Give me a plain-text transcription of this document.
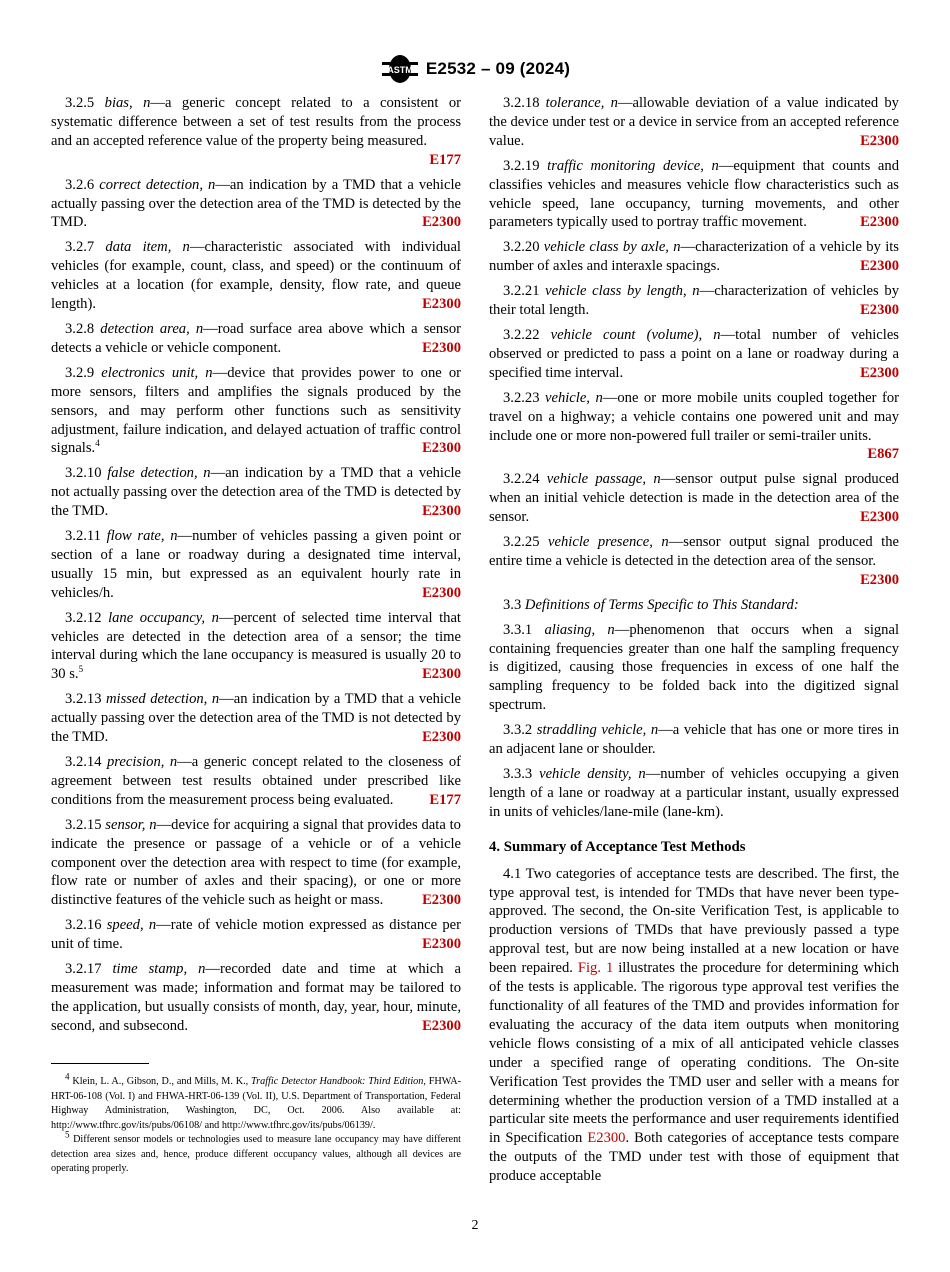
ASTM E2532 – 09 (2024)

3.2.5 bias, n—a generic concept related to a consistent or systematic difference between a set of test results from the process and an accepted reference value of the property being measured.
E177

3.2.6 correct detection, n—an indication by a TMD that a vehicle actually passing over the detection area of the TMD is detected by the TMD.	E2300

3.2.7 data item, n—characteristic associated with individual vehicles (for example, count, class, and speed) or the continuum of vehicles at a location (for example, density, flow rate, and queue length).	E2300

3.2.8 detection area, n—road surface area above which a sensor detects a vehicle or vehicle component.	E2300

3.2.9 electronics unit, n—device that provides power to one or more sensors, filters and amplifies the signals produced by the sensors, and may perform other functions such as sensitivity adjustment, failure indication, and delayed actuation of traffic control signals.$^4$	E2300

3.2.10 false detection, n—an indication by a TMD that a vehicle not actually passing over the detection area of the TMD is detected by the TMD.	E2300

3.2.11 flow rate, n—number of vehicles passing a given point or section of a lane or roadway during a designated time interval, usually 15 min, but expressed as an equivalent hourly rate in vehicles/h.	E2300

3.2.12 lane occupancy, n—percent of selected time interval that vehicles are detected in the detection area of a sensor; the time interval during which the lane occupancy is measured is usually 20 to 30 s.$^5$	E2300

3.2.13 missed detection, n—an indication by a TMD that a vehicle actually passing over the detection area of the TMD is not detected by the TMD.	E2300

3.2.14 precision, n—a generic concept related to the closeness of agreement between test results obtained under prescribed like conditions from the measurement process being evaluated.	E177

3.2.15 sensor, n—device for acquiring a signal that provides data to indicate the presence or passage of a vehicle or of a vehicle component over the detection area with respect to time (for example, flow rate or number of axles and their spacing), or one or more distinctive features of the vehicle such as height or mass.	E2300

3.2.16 speed, n—rate of vehicle motion expressed as distance per unit of time.	E2300

3.2.17 time stamp, n—recorded date and time at which a measurement was made; information and format may be tailored to the application, but usually consists of month, day, year, hour, minute, second, and subsecond.	E2300

3.2.18 tolerance, n—allowable deviation of a value indicated by the device under test or a device in service from an accepted reference value.	E2300

3.2.19 traffic monitoring device, n—equipment that counts and classifies vehicles and measures vehicle flow characteristics such as vehicle speed, lane occupancy, turning movements, and other parameters typically used to portray traffic movement.	E2300

3.2.20 vehicle class by axle, n—characterization of a vehicle by its number of axles and interaxle spacings.	E2300

3.2.21 vehicle class by length, n—characterization of vehicles by their total length.	E2300

3.2.22 vehicle count (volume), n—total number of vehicles observed or predicted to pass a point on a lane or roadway during a specified time interval.	E2300

3.2.23 vehicle, n—one or more mobile units coupled together for travel on a highway; a vehicle contains one powered unit and may include one or more non-powered full trailer or semi-trailer units.
E867

3.2.24 vehicle passage, n—sensor output pulse signal produced when an initial vehicle detection is made in the detection area of the sensor.	E2300

3.2.25 vehicle presence, n—sensor output signal produced the entire time a vehicle is detected in the detection area of the sensor.
E2300

3.3 Definitions of Terms Specific to This Standard:

3.3.1 aliasing, n—phenomenon that occurs when a signal containing frequencies greater than one half the sampling frequency is digitized, causing those frequencies in excess of one half the sampling frequency to be folded back into the digitized signal spectrum.

3.3.2 straddling vehicle, n—a vehicle that has one or more tires in an adjacent lane or shoulder.

3.3.3 vehicle density, n—number of vehicles occupying a given length of a lane or roadway at a particular instant, usually expressed in units of vehicles/lane-mile (lane-km).

4. Summary of Acceptance Test Methods

4.1 Two categories of acceptance tests are described. The first, the type approval test, is intended for TMDs that have never been type-approved. The second, the On-site Verification Test, is applicable to production versions of TMDs that have previously passed a type approval test, but are now being installed at a new location or have been repaired. Fig. 1 illustrates the procedure for determining which of the tests is applicable. The rigorous type approval test verifies the functionality of all features of the TMD and provides information for evaluating the accuracy of the data item outputs when monitoring vehicle flows consisting of a mix of all anticipated vehicle classes under a specified range of operating conditions. The On-site Verification Test provides the TMD user and seller with a means for determining whether the production version of a TMD installed at a particular site meets the performance and user requirements identified in Specification E2300. Both categories of acceptance tests compare the outputs of the TMD under test with those of equipment that produce acceptable

$^4$ Klein, L. A., Gibson, D., and Mills, M. K., Traffic Detector Handbook: Third Edition, FHWA-HRT-06-108 (Vol. I) and FHWA-HRT-06-139 (Vol. II), U.S. Department of Transportation, Federal Highway Administration, Washington, DC, Oct. 2006. Also available at: http://www.tfhrc.gov/its/pubs/06108/ and http://www.tfhrc.gov/its/pubs/06139/.

$^5$ Different sensor models or technologies used to measure lane occupancy may have different detection area sizes and, hence, produce different occupancy values, although all devices are operating properly.

2
